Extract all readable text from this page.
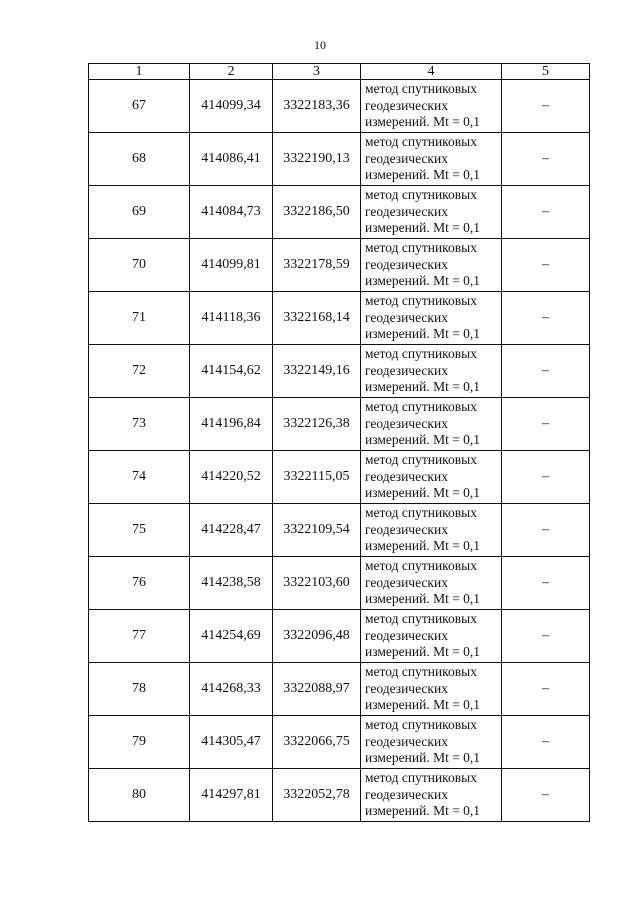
10
1	2	3	4	5
67	414099,34	3322183,36	метод спутниковых
геодезических
измерений. Mt = 0,1	–
68	414086,41	3322190,13	метод спутниковых
геодезических
измерений. Mt = 0,1	–
69	414084,73	3322186,50	метод спутниковых
геодезических
измерений. Mt = 0,1	–
70	414099,81	3322178,59	метод спутниковых
геодезических
измерений. Mt = 0,1	–
71	414118,36	3322168,14	метод спутниковых
геодезических
измерений. Mt = 0,1	–
72	414154,62	3322149,16	метод спутниковых
геодезических
измерений. Mt = 0,1	–
73	414196,84	3322126,38	метод спутниковых
геодезических
измерений. Mt = 0,1	–
74	414220,52	3322115,05	метод спутниковых
геодезических
измерений. Mt = 0,1	–
75	414228,47	3322109,54	метод спутниковых
геодезических
измерений. Mt = 0,1	–
76	414238,58	3322103,60	метод спутниковых
геодезических
измерений. Mt = 0,1	–
77	414254,69	3322096,48	метод спутниковых
геодезических
измерений. Mt = 0,1	–
78	414268,33	3322088,97	метод спутниковых
геодезических
измерений. Mt = 0,1	–
79	414305,47	3322066,75	метод спутниковых
геодезических
измерений. Mt = 0,1	–
80	414297,81	3322052,78	метод спутниковых
геодезических
измерений. Mt = 0,1	–
